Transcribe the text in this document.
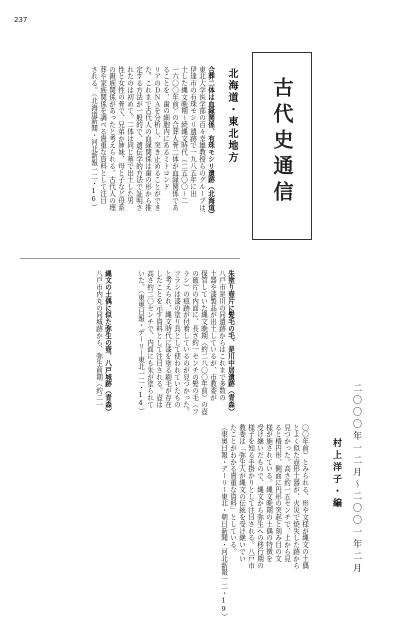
237
古代史通信
二〇〇〇年一二月〜二〇〇一年二月
村上洋子・編
北海道・東北地方
合葬二体は血縁関係、有珠モシリ遺跡（北海道）
東北大学医学部の百々幸雄教授らのグループは、
伊達市の有珠モシリ遺跡で一九八五年に出
土した縄文晩期〜続縄文時代（二五〇〇〜二
一六〇〇年前）の合葬人骨二体が血縁関係であ
ることを、歯の細胞内にあるミトコンド
リアのＤＮＡを分析し、突き止めることができ
た。これまで古代人の血縁関係は歯の形から推
定する方法が一般的で、遺伝学的方法で証明さ
れたのは初めて。二体は同じ墓で出土した男
性と女性の骨で、兄弟か姉妹、母と子など母系
の親族関係があったと考えられる。古代人の埋
葬や家族関係を調べる貴重な資料として注目
される。（北海道新聞・河北新報一二・16）
朱塗り壺片に髪毛の毛、是川中居遺跡（青森）
八戸市是川の同遺跡からはこれまで多数の
土器や漆製品が出土しているが、市教委が
保管していた縄文晩期（約二八〇〇年前）の壺
の破片の内面に、長さ約一センチの髪の毛（フ
ラシ）の痕跡が付着しているのが見つかった。
フラシは漆の塗り具として使われていたもの
と考えられ、縄文時代に漆を塗る刷毛が存在
したことを示す資料として注目される。壺は
高さ約二〇センチで、内面にも朱が塗られて
いた。（東奥日報・デーリー東北一二・14）
縄文の土偶に似た弥生の壺、八戸城跡（青森）
八戸市内丸の同城跡から、弥生前期（約二一
〇〇年前）とみられる、形や文様が縄文の土偶
とよく似た壺形土器が、火災で焼失した跡から
見つかった。高さ約一五センチで、上から見
ると楕円形、側面に円形の突起と刻み目の文
様が施されている。縄文晩期の土偶の特徴を
受け継いだもので、縄文から弥生への移行期の
様子を知る手掛かりとして注目される。八戸市
教委は「弥生人が縄文の伝統を受け継いでい
たことがわかる貴重な資料」としている。
（東奥日報・デーリー東北・朝日新聞・河北新報一二・19）
